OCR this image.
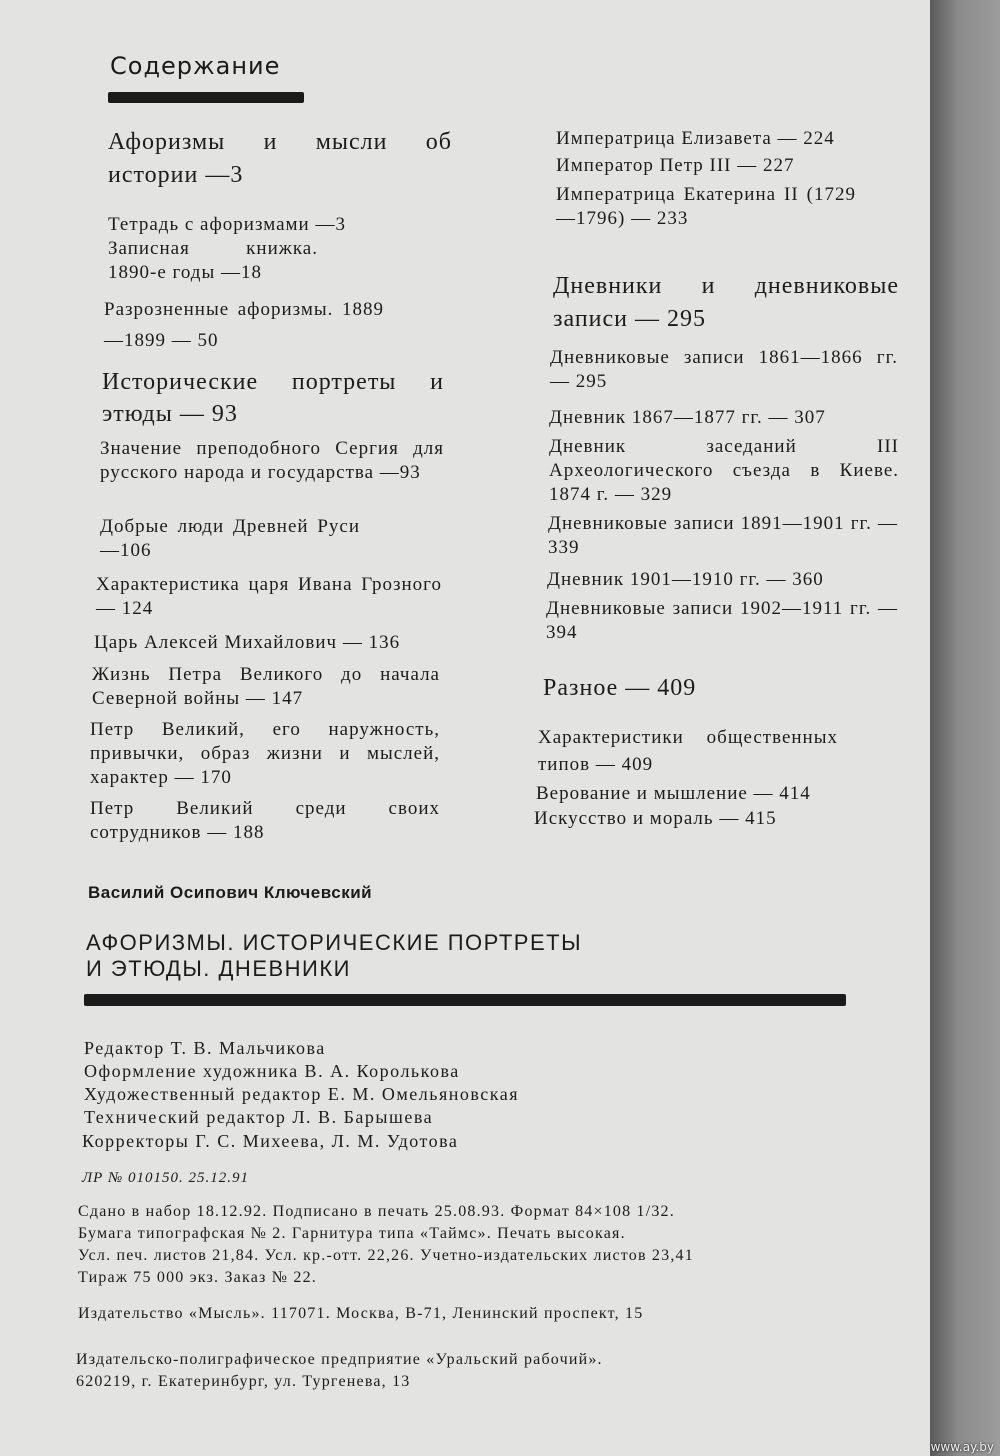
Содержание
Афоризмы и мысли об истории —3
Тетрадь с афоризмами —3
Записная книжка. 1890-е годы —18
Разрозненные афоризмы. 1889—1899 — 50
Исторические портреты и этюды — 93
Значение преподобного Сергия для русского народа и государства —93
Добрые люди Древней Руси —106
Характеристика царя Ивана Грозного — 124
Царь Алексей Михайлович — 136
Жизнь Петра Великого до начала Северной войны — 147
Петр Великий, его наружность, привычки, образ жизни и мыслей, характер — 170
Петр Великий среди своих сотрудников — 188
Императрица Елизавета — 224
Император Петр III — 227
Императрица Екатерина II (1729—1796) — 233
Дневники и дневниковые записи — 295
Дневниковые записи 1861—1866 гг. — 295
Дневник 1867—1877 гг. — 307
Дневник заседаний III Археологического съезда в Киеве. 1874 г. — 329
Дневниковые записи 1891—1901 гг. — 339
Дневник 1901—1910 гг. — 360
Дневниковые записи 1902—1911 гг. — 394
Разное — 409
Характеристики общественных типов — 409
Верование и мышление — 414
Искусство и мораль — 415
Василий Осипович Ключевский
АФОРИЗМЫ. ИСТОРИЧЕСКИЕ ПОРТРЕТЫ
И ЭТЮДЫ. ДНЕВНИКИ
Редактор Т. В. Мальчикова
Оформление художника В. А. Королькова
Художественный редактор Е. М. Омельяновская
Технический редактор Л. В. Барышева
Корректоры Г. С. Михеева, Л. М. Удотова
ЛР № 010150. 25.12.91
Сдано в набор 18.12.92. Подписано в печать 25.08.93. Формат 84×108 1/32.
Бумага типографская № 2. Гарнитура типа «Таймс». Печать высокая.
Усл. печ. листов 21,84. Усл. кр.-отт. 22,26. Учетно-издательских листов 23,41
Тираж 75 000 экз. Заказ № 22.
Издательство «Мысль». 117071. Москва, В-71, Ленинский проспект, 15
Издательско-полиграфическое предприятие «Уральский рабочий».
620219, г. Екатеринбург, ул. Тургенева, 13
www.ay.by
